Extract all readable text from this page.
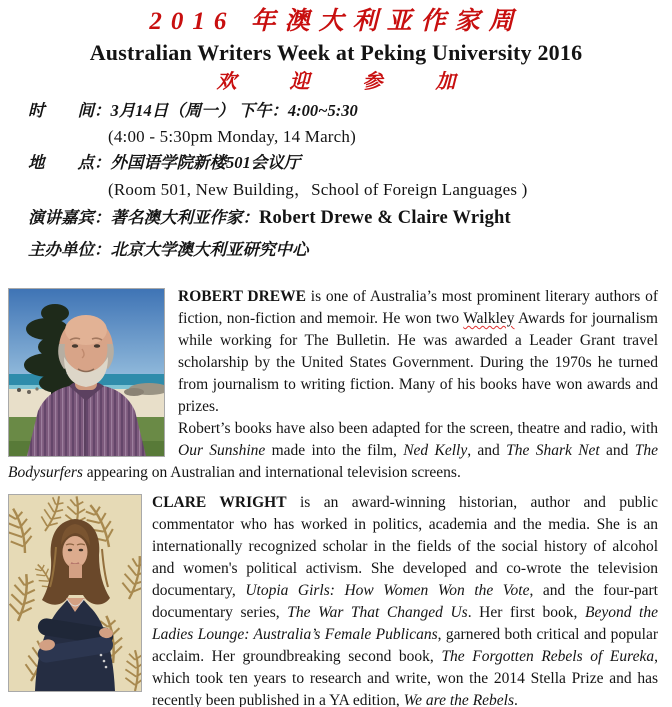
2016 年澳大利亚作家周
Australian Writers Week at Peking University 2016
欢 迎 参 加
时　　间： 3月14日（周一） 下午：4:00~5:30
(4:00 - 5:30pm Monday, 14 March)
地　　点： 外国语学院新楼501会议厅
(Room 501, New Building，School of Foreign Languages )
演讲嘉宾： 著名澳大利亚作家：Robert Drewe & Claire Wright
主办单位： 北京大学澳大利亚研究中心

ROBERT DREWE is one of Australia’s most prominent literary authors of fiction, non-fiction and memoir. He won two Walkley Awards for journalism while working for The Bulletin. He was awarded a Leader Grant travel scholarship by the United States Government. During the 1970s he turned from journalism to writing fiction. Many of his books have won awards and prizes.

Robert’s books have also been adapted for the screen, theatre and radio, with Our Sunshine made into the film, Ned Kelly, and The Shark Net and The Bodysurfers appearing on Australian and international television screens.

CLARE WRIGHT is an award-winning historian, author and public commentator who has worked in politics, academia and the media. She is an internationally recognized scholar in the fields of the social history of alcohol and women's political activism. She developed and co-wrote the television documentary, Utopia Girls: How Women Won the Vote, and the four-part documentary series, The War That Changed Us. Her first book, Beyond the Ladies Lounge: Australia’s Female Publicans, garnered both critical and popular acclaim. Her groundbreaking second book, The Forgotten Rebels of Eureka, which took ten years to research and write, won the 2014 Stella Prize and has recently been published in a YA edition, We are the Rebels.
